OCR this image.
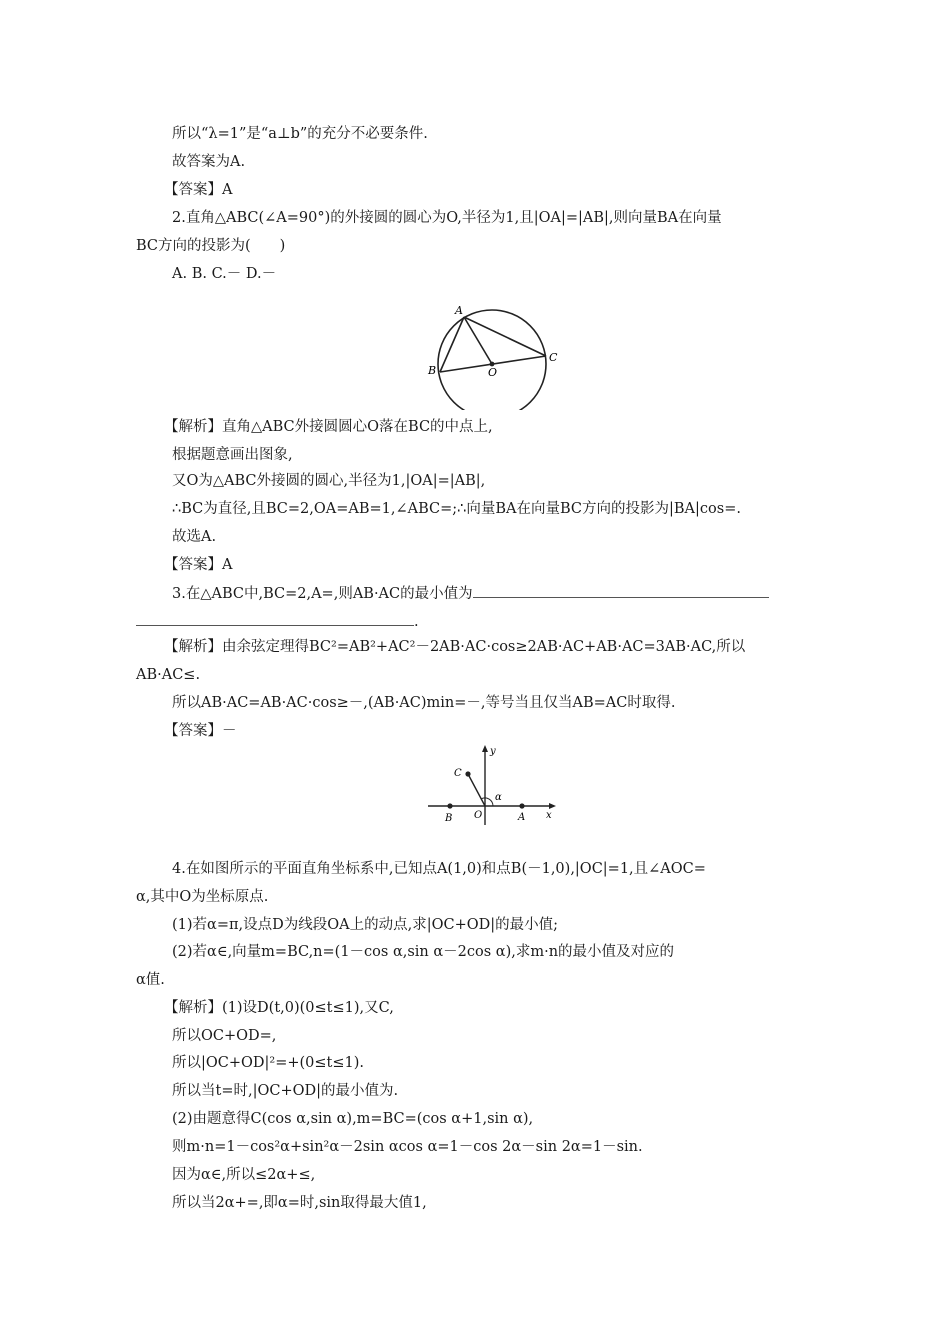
所以“λ=1”是“a⊥b”的充分不必要条件.
故答案为A.
【答案】A
2.直角△ABC(∠A=90°)的外接圆的圆心为O,半径为1,且|OA|=|AB|,则向量BA在向量
BC方向的投影为(　　)
A. B. C.－ D.－
A
B
C
O
【解析】直角△ABC外接圆圆心O落在BC的中点上,
根据题意画出图象,
又O为△ABC外接圆的圆心,半径为1,|OA|=|AB|,
∴BC为直径,且BC=2,OA=AB=1,∠ABC=;∴向量BA在向量BC方向的投影为|BA|cos=.
故选A.
【答案】A
3.在△ABC中,BC=2,A=,则AB·AC的最小值为
.
【解析】由余弦定理得BC²=AB²+AC²－2AB·AC·cos≥2AB·AC+AB·AC=3AB·AC,所以
AB·AC≤.
所以AB·AC=AB·AC·cos≥－,(AB·AC)min=－,等号当且仅当AB=AC时取得.
【答案】－
y
x
C
B O	A
α
4.在如图所示的平面直角坐标系中,已知点A(1,0)和点B(－1,0),|OC|=1,且∠AOC=
α,其中O为坐标原点.
(1)若α=π,设点D为线段OA上的动点,求|OC+OD|的最小值;
(2)若α∈,向量m=BC,n=(1－cos α,sin α－2cos α),求m·n的最小值及对应的
α值.
【解析】(1)设D(t,0)(0≤t≤1),又C,
所以OC+OD=,
所以|OC+OD|²=+(0≤t≤1).
所以当t=时,|OC+OD|的最小值为.
(2)由题意得C(cos α,sin α),m=BC=(cos α+1,sin α),
则m·n=1－cos²α+sin²α－2sin αcos α=1－cos 2α－sin 2α=1－sin.
因为α∈,所以≤2α+≤,
所以当2α+=,即α=时,sin取得最大值1,
